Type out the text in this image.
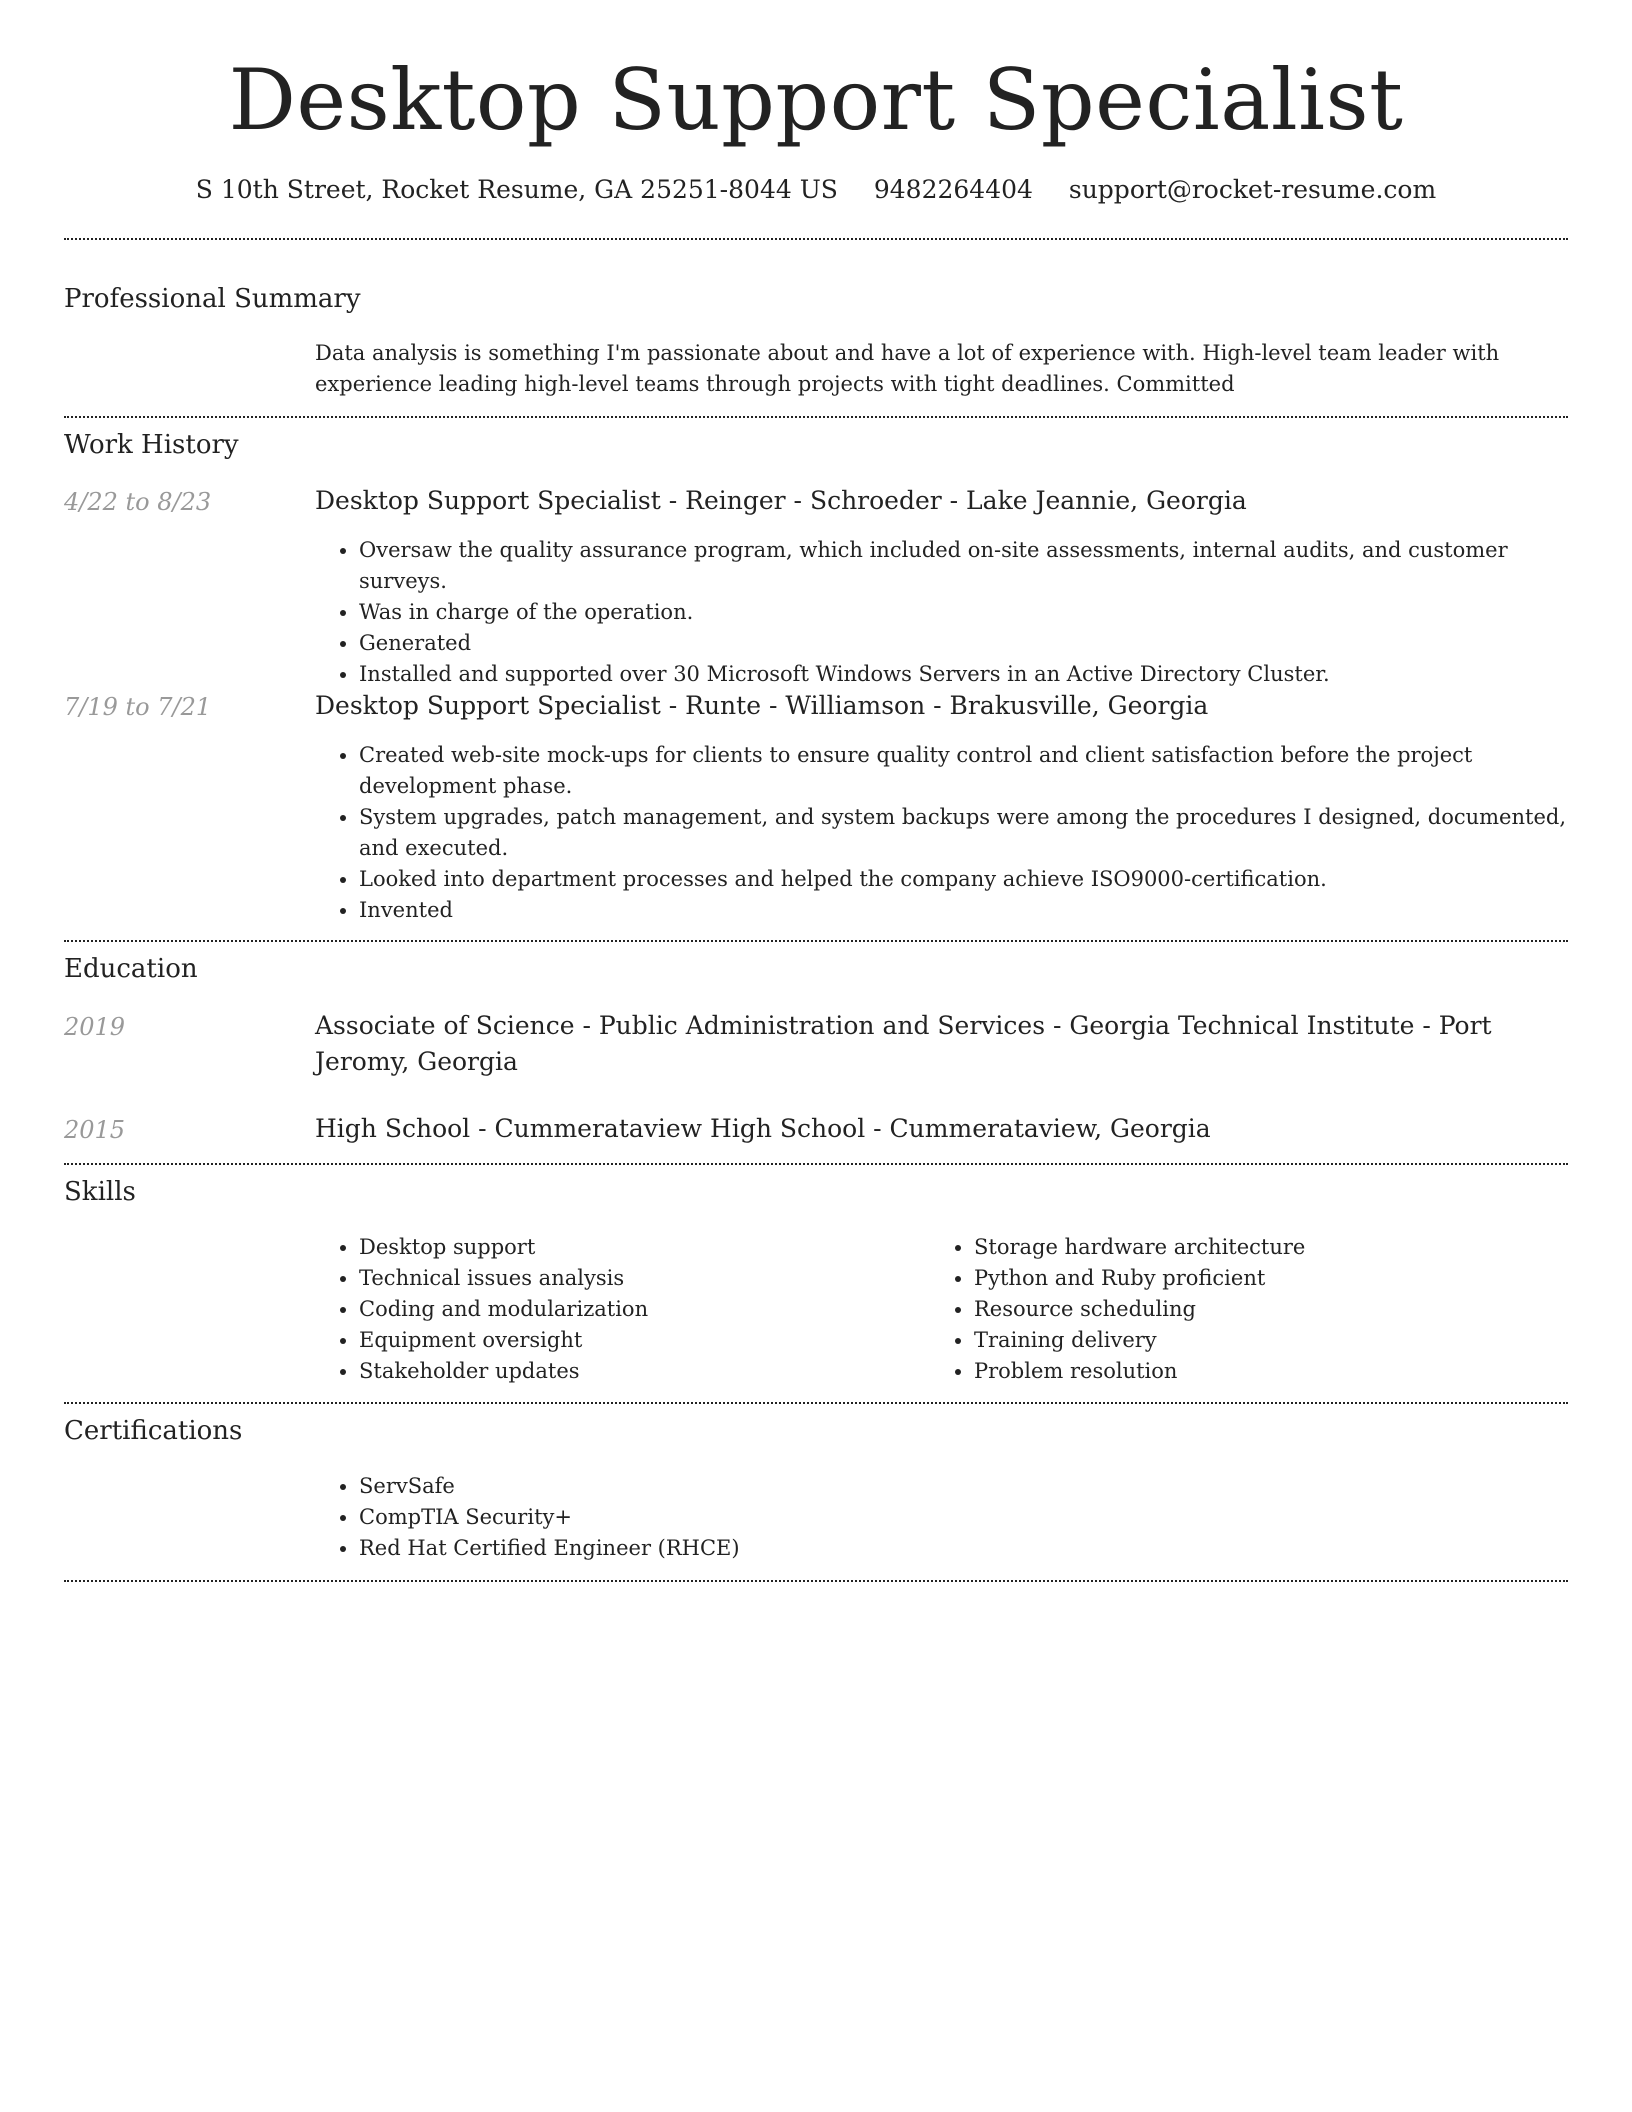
Desktop Support Specialist
S 10th Street, Rocket Resume, GA 25251-8044 US 9482264404 support@rocket-resume.com
Professional Summary
Data analysis is something I'm passionate about and have a lot of experience with. High-level team leader with experience leading high-level teams through projects with tight deadlines. Committed
Work History
4/22 to 8/23	Desktop Support Specialist - Reinger - Schroeder - Lake Jeannie, Georgia
• Oversaw the quality assurance program, which included on-site assessments, internal audits, and customer surveys.
• Was in charge of the operation.
• Generated
• Installed and supported over 30 Microsoft Windows Servers in an Active Directory Cluster.
7/19 to 7/21	Desktop Support Specialist - Runte - Williamson - Brakusville, Georgia
• Created web-site mock-ups for clients to ensure quality control and client satisfaction before the project development phase.
• System upgrades, patch management, and system backups were among the procedures I designed, documented, and executed.
• Looked into department processes and helped the company achieve ISO9000-certification.
• Invented
Education
2019	Associate of Science - Public Administration and Services - Georgia Technical Institute - Port Jeromy, Georgia
2015	High School - Cummerataview High School - Cummerataview, Georgia
Skills
• Desktop support
• Technical issues analysis
• Coding and modularization
• Equipment oversight
• Stakeholder updates
• Storage hardware architecture
• Python and Ruby proficient
• Resource scheduling
• Training delivery
• Problem resolution
Certifications
• ServSafe
• CompTIA Security+
• Red Hat Certified Engineer (RHCE)
